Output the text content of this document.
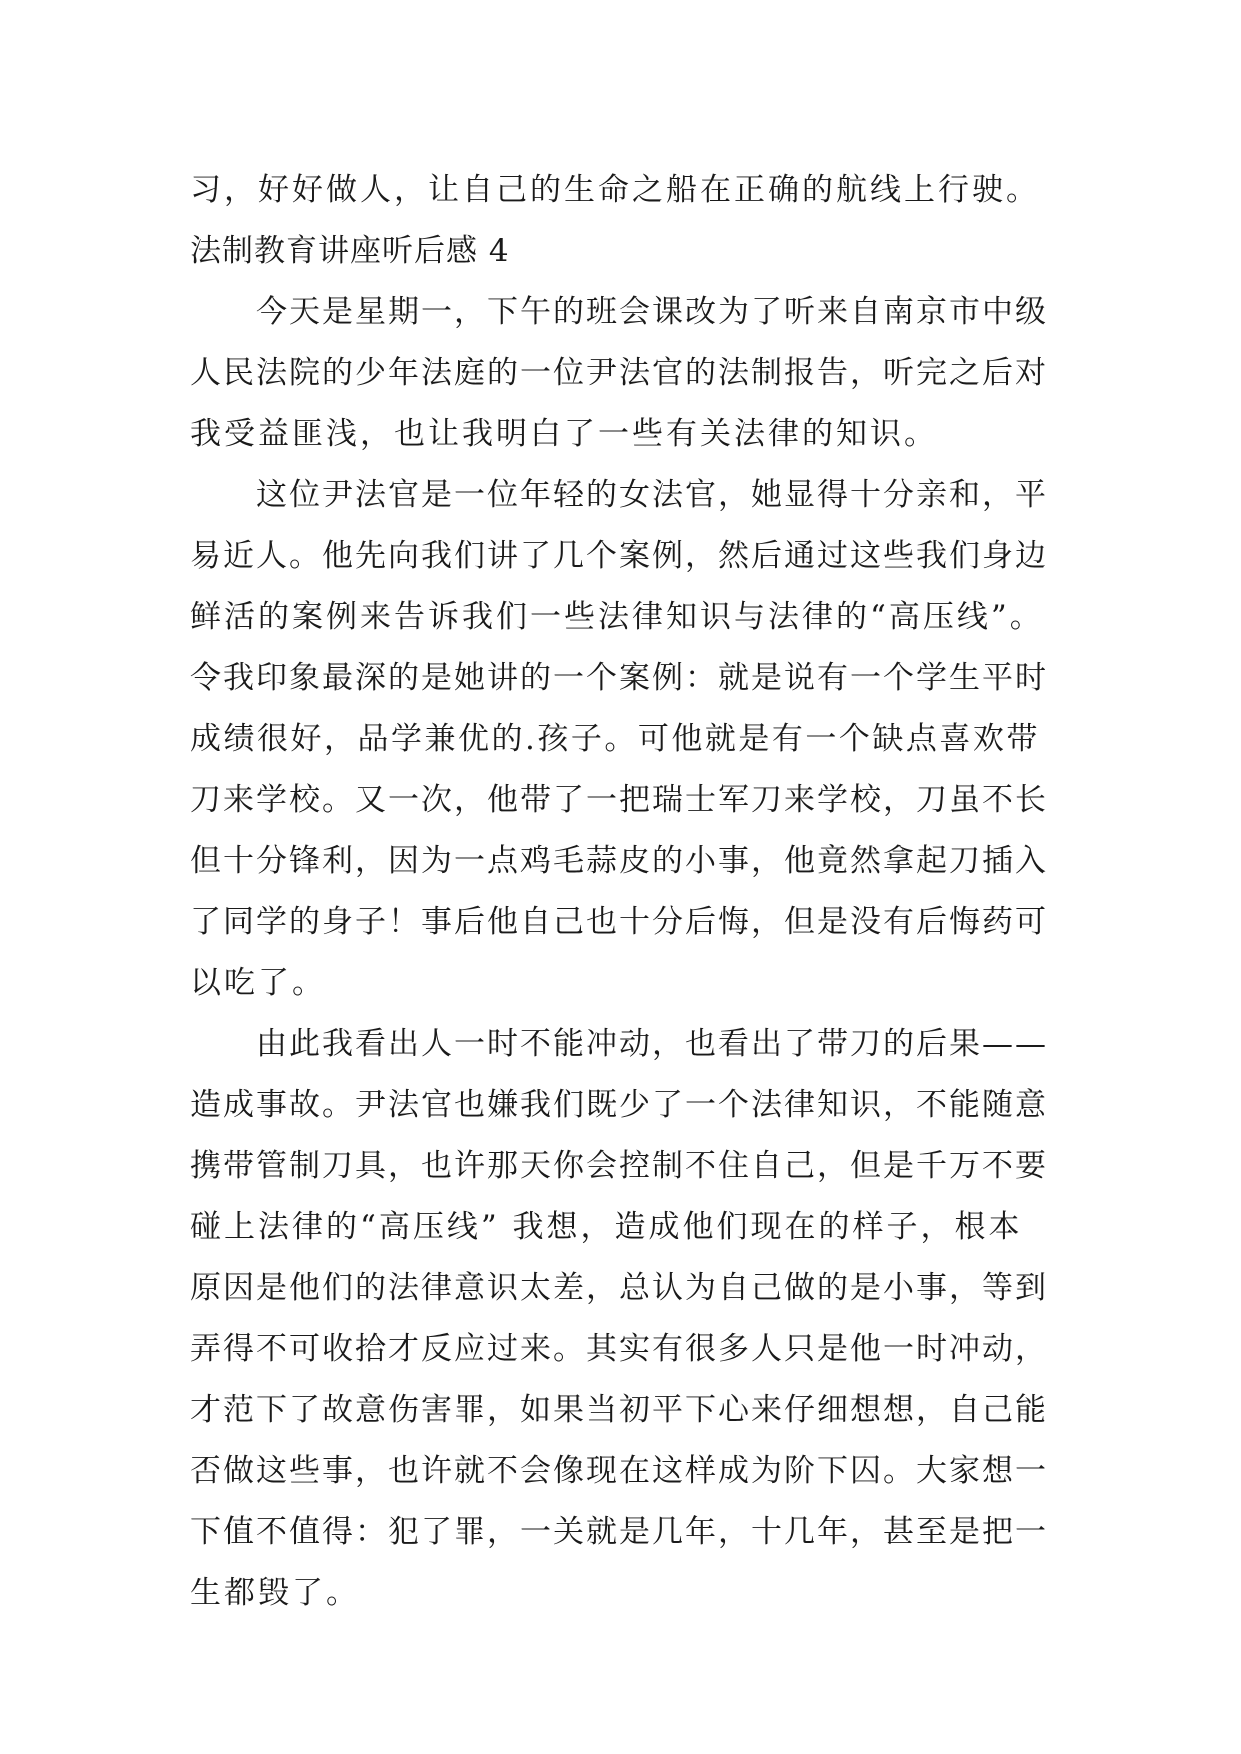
习，好好做人，让自己的生命之船在正确的航线上行驶。
法制教育讲座听后感 4
今天是星期一，下午的班会课改为了听来自南京市中级
人民法院的少年法庭的一位尹法官的法制报告，听完之后对
我受益匪浅，也让我明白了一些有关法律的知识。
这位尹法官是一位年轻的女法官，她显得十分亲和，平
易近人。他先向我们讲了几个案例，然后通过这些我们身边
鲜活的案例来告诉我们一些法律知识与法律的“高压线”。
令我印象最深的是她讲的一个案例：就是说有一个学生平时
成绩很好，品学兼优的.孩子。可他就是有一个缺点喜欢带
刀来学校。又一次，他带了一把瑞士军刀来学校，刀虽不长
但十分锋利，因为一点鸡毛蒜皮的小事，他竟然拿起刀插入
了同学的身子！事后他自己也十分后悔，但是没有后悔药可
以吃了。
由此我看出人一时不能冲动，也看出了带刀的后果——
造成事故。尹法官也嫌我们既少了一个法律知识，不能随意
携带管制刀具，也许那天你会控制不住自己，但是千万不要
碰上法律的“高压线” 我想，造成他们现在的样子，根本
原因是他们的法律意识太差，总认为自己做的是小事，等到
弄得不可收拾才反应过来。其实有很多人只是他一时冲动，
才范下了故意伤害罪，如果当初平下心来仔细想想，自己能
否做这些事，也许就不会像现在这样成为阶下囚。大家想一
下值不值得：犯了罪，一关就是几年，十几年，甚至是把一
生都毁了。
